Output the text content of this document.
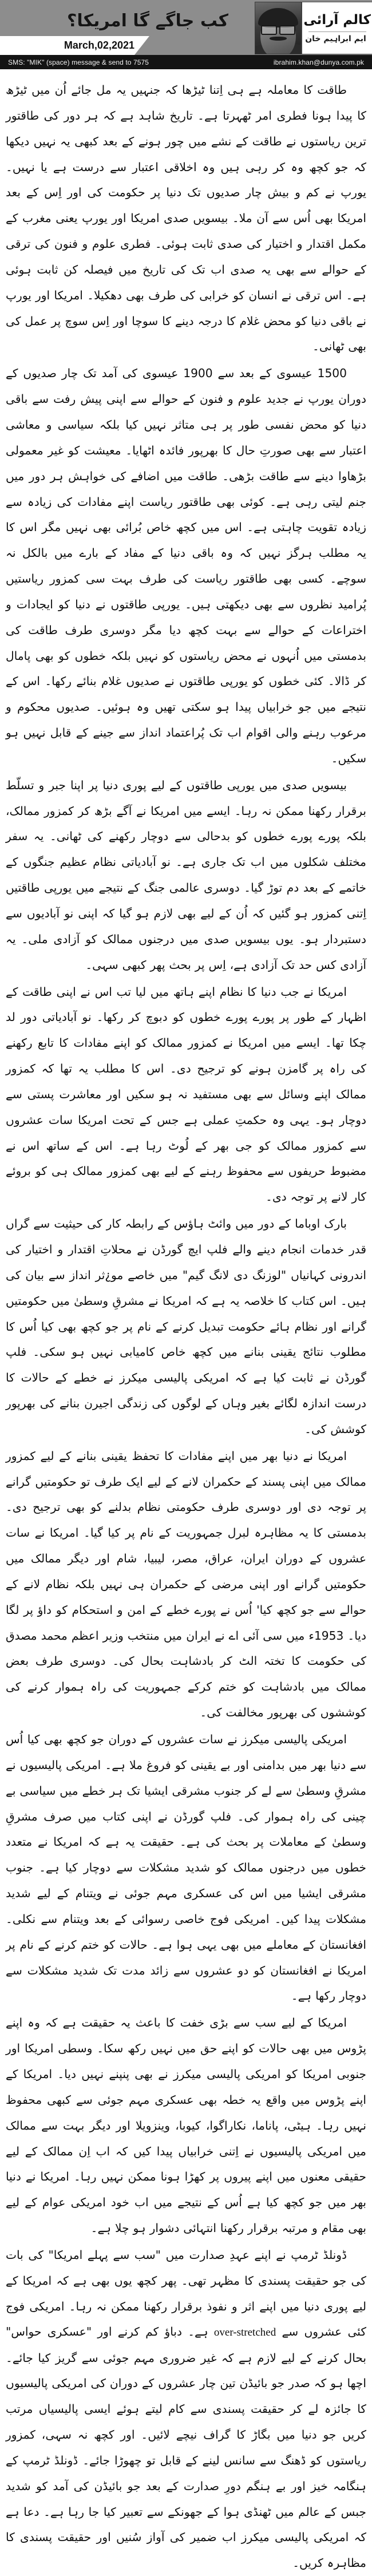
کب جاگے گا امریکا؟
March,02,2021
کالم آرائی
ایم ابراہیم خان
SMS: "MIK" (space) message & send to 7575	ibrahim.khan@dunya.com.pk

طاقت کا معاملہ ہے ہی اِتنا ٹیڑھا کہ جنہیں یہ مل جائے اُن میں ٹیڑھ کا پیدا ہونا فطری امر ٹھہرتا ہے۔ تاریخ شاہد ہے کہ ہر دور کی طاقتور ترین ریاستوں نے طاقت کے نشے میں چور ہونے کے بعد کبھی یہ نہیں دیکھا کہ جو کچھ وہ کر رہی ہیں وہ اخلاقی اعتبار سے درست ہے یا نہیں۔ یورپ نے کم و بیش چار صدیوں تک دنیا پر حکومت کی اور اِس کے بعد امریکا بھی اُس سے آن ملا۔ بیسویں صدی امریکا اور یورپ یعنی مغرب کے مکمل اقتدار و اختیار کی صدی ثابت ہوئی۔ فطری علوم و فنون کی ترقی کے حوالے سے بھی یہ صدی اب تک کی تاریخ میں فیصلہ کن ثابت ہوئی ہے۔ اس ترقی نے انسان کو خرابی کی طرف بھی دھکیلا۔ امریکا اور یورپ نے باقی دنیا کو محض غلام کا درجہ دینے کا سوچا اور اِس سوچ پر عمل کی بھی ٹھانی۔

1500 عیسوی کے بعد سے 1900 عیسوی کی آمد تک چار صدیوں کے دوران یورپ نے جدید علوم و فنون کے حوالے سے اپنی پیش رفت سے باقی دنیا کو محض نفسی طور پر ہی متاثر نہیں کیا بلکہ سیاسی و معاشی اعتبار سے بھی صورتِ حال کا بھرپور فائدہ اٹھایا۔ معیشت کو غیر معمولی بڑھاوا دینے سے طاقت بڑھی۔ طاقت میں اضافے کی خواہش ہر دور میں جنم لیتی رہی ہے۔ کوئی بھی طاقتور ریاست اپنے مفادات کی زیادہ سے زیادہ تقویت چاہتی ہے۔ اس میں کچھ خاص بُرائی بھی نہیں مگر اس کا یہ مطلب ہرگز نہیں کہ وہ باقی دنیا کے مفاد کے بارے میں بالکل نہ سوچے۔ کسی بھی طاقتور ریاست کی طرف بہت سی کمزور ریاستیں پُرامید نظروں سے بھی دیکھتی ہیں۔ یورپی طاقتوں نے دنیا کو ایجادات و اختراعات کے حوالے سے بہت کچھ دیا مگر دوسری طرف طاقت کی بدمستی میں اُنہوں نے محض ریاستوں کو نہیں بلکہ خطوں کو بھی پامال کر ڈالا۔ کئی خطوں کو یورپی طاقتوں نے صدیوں غلام بنائے رکھا۔ اس کے نتیجے میں جو خرابیاں پیدا ہو سکتی تھیں وہ ہوئیں۔ صدیوں محکوم و مرعوب رہنے والی اقوام اب تک پُراعتماد انداز سے جینے کے قابل نہیں ہو سکیں۔

بیسویں صدی میں یورپی طاقتوں کے لیے پوری دنیا پر اپنا جبر و تسلّط برقرار رکھنا ممکن نہ رہا۔ ایسے میں امریکا نے آگے بڑھ کر کمزور ممالک، بلکہ پورے پورے خطوں کو بدحالی سے دوچار رکھنے کی ٹھانی۔ یہ سفر مختلف شکلوں میں اب تک جاری ہے۔ نو آبادیاتی نظام عظیم جنگوں کے خاتمے کے بعد دم توڑ گیا۔ دوسری عالمی جنگ کے نتیجے میں یورپی طاقتیں اِتنی کمزور ہو گئیں کہ اُن کے لیے بھی لازم ہو گیا کہ اپنی نو آبادیوں سے دستبردار ہو۔ یوں بیسویں صدی میں درجنوں ممالک کو آزادی ملی۔ یہ آزادی کس حد تک آزادی ہے، اِس پر بحث پھر کبھی سہی۔

امریکا نے جب دنیا کا نظام اپنے ہاتھ میں لیا تب اس نے اپنی طاقت کے اظہار کے طور پر پورے پورے خطوں کو دبوچ کر رکھا۔ نو آبادیاتی دور لد چکا تھا۔ ایسے میں امریکا نے کمزور ممالک کو اپنے مفادات کا تابع رکھنے کی راہ پر گامزن ہونے کو ترجیح دی۔ اس کا مطلب یہ تھا کہ کمزور ممالک اپنے وسائل سے بھی مستفید نہ ہو سکیں اور معاشرت پستی سے دوچار ہو۔ یہی وہ حکمتِ عملی ہے جس کے تحت امریکا سات عشروں سے کمزور ممالک کو جی بھر کے لُوٹ رہا ہے۔ اس کے ساتھ اس نے مضبوط حریفوں سے محفوظ رہنے کے لیے بھی کمزور ممالک ہی کو بروئے کار لانے پر توجہ دی۔

بارک اوباما کے دور میں وائٹ ہاؤس کے رابطہ کار کی حیثیت سے گراں قدر خدمات انجام دینے والے فلپ ایچ گورڈن نے محلاتِ اقتدار و اختیار کی اندرونی کہانیاں "لوزنگ دی لانگ گیم" میں خاصے مو¿ثر انداز سے بیان کی ہیں۔ اس کتاب کا خلاصہ یہ ہے کہ امریکا نے مشرقِ وسطیٰ میں حکومتیں گرانے اور نظام ہائے حکومت تبدیل کرنے کے نام پر جو کچھ بھی کیا اُس کا مطلوب نتائج یقینی بنانے میں کچھ خاص کامیابی نہیں ہو سکی۔ فلپ گورڈن نے ثابت کیا ہے کہ امریکی پالیسی میکرز نے خطے کے حالات کا درست اندازہ لگائے بغیر وہاں کے لوگوں کی زندگی اجیرن بنانے کی بھرپور کوشش کی۔

امریکا نے دنیا بھر میں اپنے مفادات کا تحفظ یقینی بنانے کے لیے کمزور ممالک میں اپنی پسند کے حکمران لانے کے لیے ایک طرف تو حکومتیں گرانے پر توجہ دی اور دوسری طرف حکومتی نظام بدلنے کو بھی ترجیح دی۔ بدمستی کا یہ مظاہرہ لبرل جمہوریت کے نام پر کیا گیا۔ امریکا نے سات عشروں کے دوران ایران، عراق، مصر، لیبیا، شام اور دیگر ممالک میں حکومتیں گرانے اور اپنی مرضی کے حکمران ہی نہیں بلکہ نظام لانے کے حوالے سے جو کچھ کیا' اُس نے پورے خطے کے امن و استحکام کو داؤ پر لگا دیا۔ 1953ء میں سی آئی اے نے ایران میں منتخب وزیر اعظم محمد مصدق کی حکومت کا تختہ الٹ کر بادشاہت بحال کی۔ دوسری طرف بعض ممالک میں بادشاہت کو ختم کرکے جمہوریت کی راہ ہموار کرنے کی کوششوں کی بھرپور مخالفت کی۔

امریکی پالیسی میکرز نے سات عشروں کے دوران جو کچھ بھی کیا اُس سے دنیا بھر میں بدامنی اور بے یقینی کو فروغ ملا ہے۔ امریکی پالیسیوں نے مشرقِ وسطیٰ سے لے کر جنوب مشرقی ایشیا تک ہر خطے میں سیاسی بے چینی کی راہ ہموار کی۔ فلپ گورڈن نے اپنی کتاب میں صرف مشرقِ وسطیٰ کے معاملات پر بحث کی ہے۔ حقیقت یہ ہے کہ امریکا نے متعدد خطوں میں درجنوں ممالک کو شدید مشکلات سے دوچار کیا ہے۔ جنوب مشرقی ایشیا میں اس کی عسکری مہم جوئی نے ویتنام کے لیے شدید مشکلات پیدا کیں۔ امریکی فوج خاصی رسوائی کے بعد ویتنام سے نکلی۔ افغانستان کے معاملے میں بھی یہی ہوا ہے۔ حالات کو ختم کرنے کے نام پر امریکا نے افغانستان کو دو عشروں سے زائد مدت تک شدید مشکلات سے دوچار رکھا ہے۔

امریکا کے لیے سب سے بڑی خفت کا باعث یہ حقیقت ہے کہ وہ اپنے پڑوس میں بھی حالات کو اپنے حق میں نہیں رکھ سکا۔ وسطی امریکا اور جنوبی امریکا کو امریکی پالیسی میکرز نے بھی پنپنے نہیں دیا۔ امریکا کے اپنے پڑوس میں واقع یہ خطہ بھی عسکری مہم جوئی سے کبھی محفوظ نہیں رہا۔ ہیٹی، پاناما، نکاراگوا، کیوبا، وینزویلا اور دیگر بہت سے ممالک میں امریکی پالیسیوں نے اِتنی خرابیاں پیدا کیں کہ اب اِن ممالک کے لیے حقیقی معنوں میں اپنے پیروں پر کھڑا ہونا ممکن نہیں رہا۔ امریکا نے دنیا بھر میں جو کچھ کیا ہے اُس کے نتیجے میں اب خود امریکی عوام کے لیے بھی مقام و مرتبہ برقرار رکھنا انتہائی دشوار ہو چلا ہے۔

ڈونلڈ ٹرمپ نے اپنے عہدِ صدارت میں "سب سے پہلے امریکا" کی بات کی جو حقیقت پسندی کا مظہر تھی۔ پھر کچھ یوں بھی ہے کہ امریکا کے لیے پوری دنیا میں اپنے اثر و نفوذ برقرار رکھنا ممکن نہ رہا۔ امریکی فوج کئی عشروں سے over-stretched ہے۔ دباؤ کم کرنے اور "عسکری حواس" بحال کرنے کے لیے لازم ہے کہ غیر ضروری مہم جوئی سے گریز کیا جائے۔ اچھا ہو کہ صدر جو بائیڈن تین چار عشروں کے دوران کی امریکی پالیسیوں کا جائزہ لے کر حقیقت پسندی سے کام لیتے ہوئے ایسی پالیسیاں مرتب کریں جو دنیا میں بگاڑ کا گراف نیچے لائیں۔ اور کچھ نہ سہی، کمزور ریاستوں کو ڈھنگ سے سانس لینے کے قابل تو چھوڑا جائے۔ ڈونلڈ ٹرمپ کے ہنگامہ خیز اور بے ہنگم دورِ صدارت کے بعد جو بائیڈن کی آمد کو شدید جبس کے عالم میں ٹھنڈی ہوا کے جھونکے سے تعبیر کیا جا رہا ہے۔ دعا ہے کہ امریکی پالیسی میکرز اب ضمیر کی آواز سُنیں اور حقیقت پسندی کا مظاہرہ کریں۔
